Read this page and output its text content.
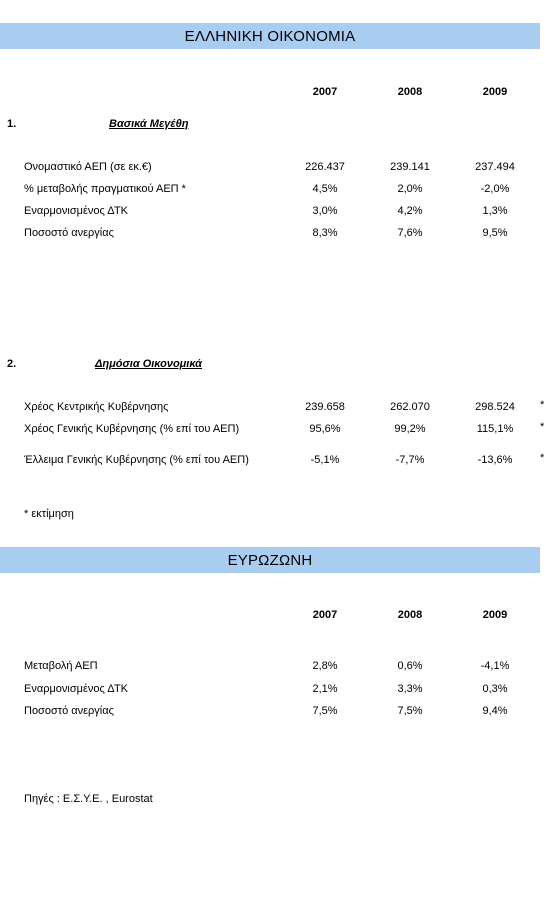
ΕΛΛΗΝΙΚΗ ΟΙΚΟΝΟΜΙΑ
2007	2008	2009
1.	Βασικά Μεγέθη
Ονομαστικό ΑΕΠ (σε εκ.€)	226.437	239.141	237.494
% μεταβολής πραγματικού ΑΕΠ *	4,5%	2,0%	-2,0%
Εναρμονισμένος ΔΤΚ	3,0%	4,2%	1,3%
Ποσοστό ανεργίας	8,3%	7,6%	9,5%
2.	Δημόσια Οικονομικά
Χρέος Κεντρικής Κυβέρνησης	239.658	262.070	298.524	*
Χρέος Γενικής Κυβέρνησης (% επί του ΑΕΠ)	95,6%	99,2%	115,1%	*
Έλλειμα Γενικής Κυβέρνησης (% επί του ΑΕΠ)	-5,1%	-7,7%	-13,6%	*
* εκτίμηση
ΕΥΡΩΖΩΝΗ
2007	2008	2009
Μεταβολή ΑΕΠ	2,8%	0,6%	-4,1%
Εναρμονισμένος ΔΤΚ	2,1%	3,3%	0,3%
Ποσοστό ανεργίας	7,5%	7,5%	9,4%
Πηγές : Ε.Σ.Υ.Ε. , Eurostat
